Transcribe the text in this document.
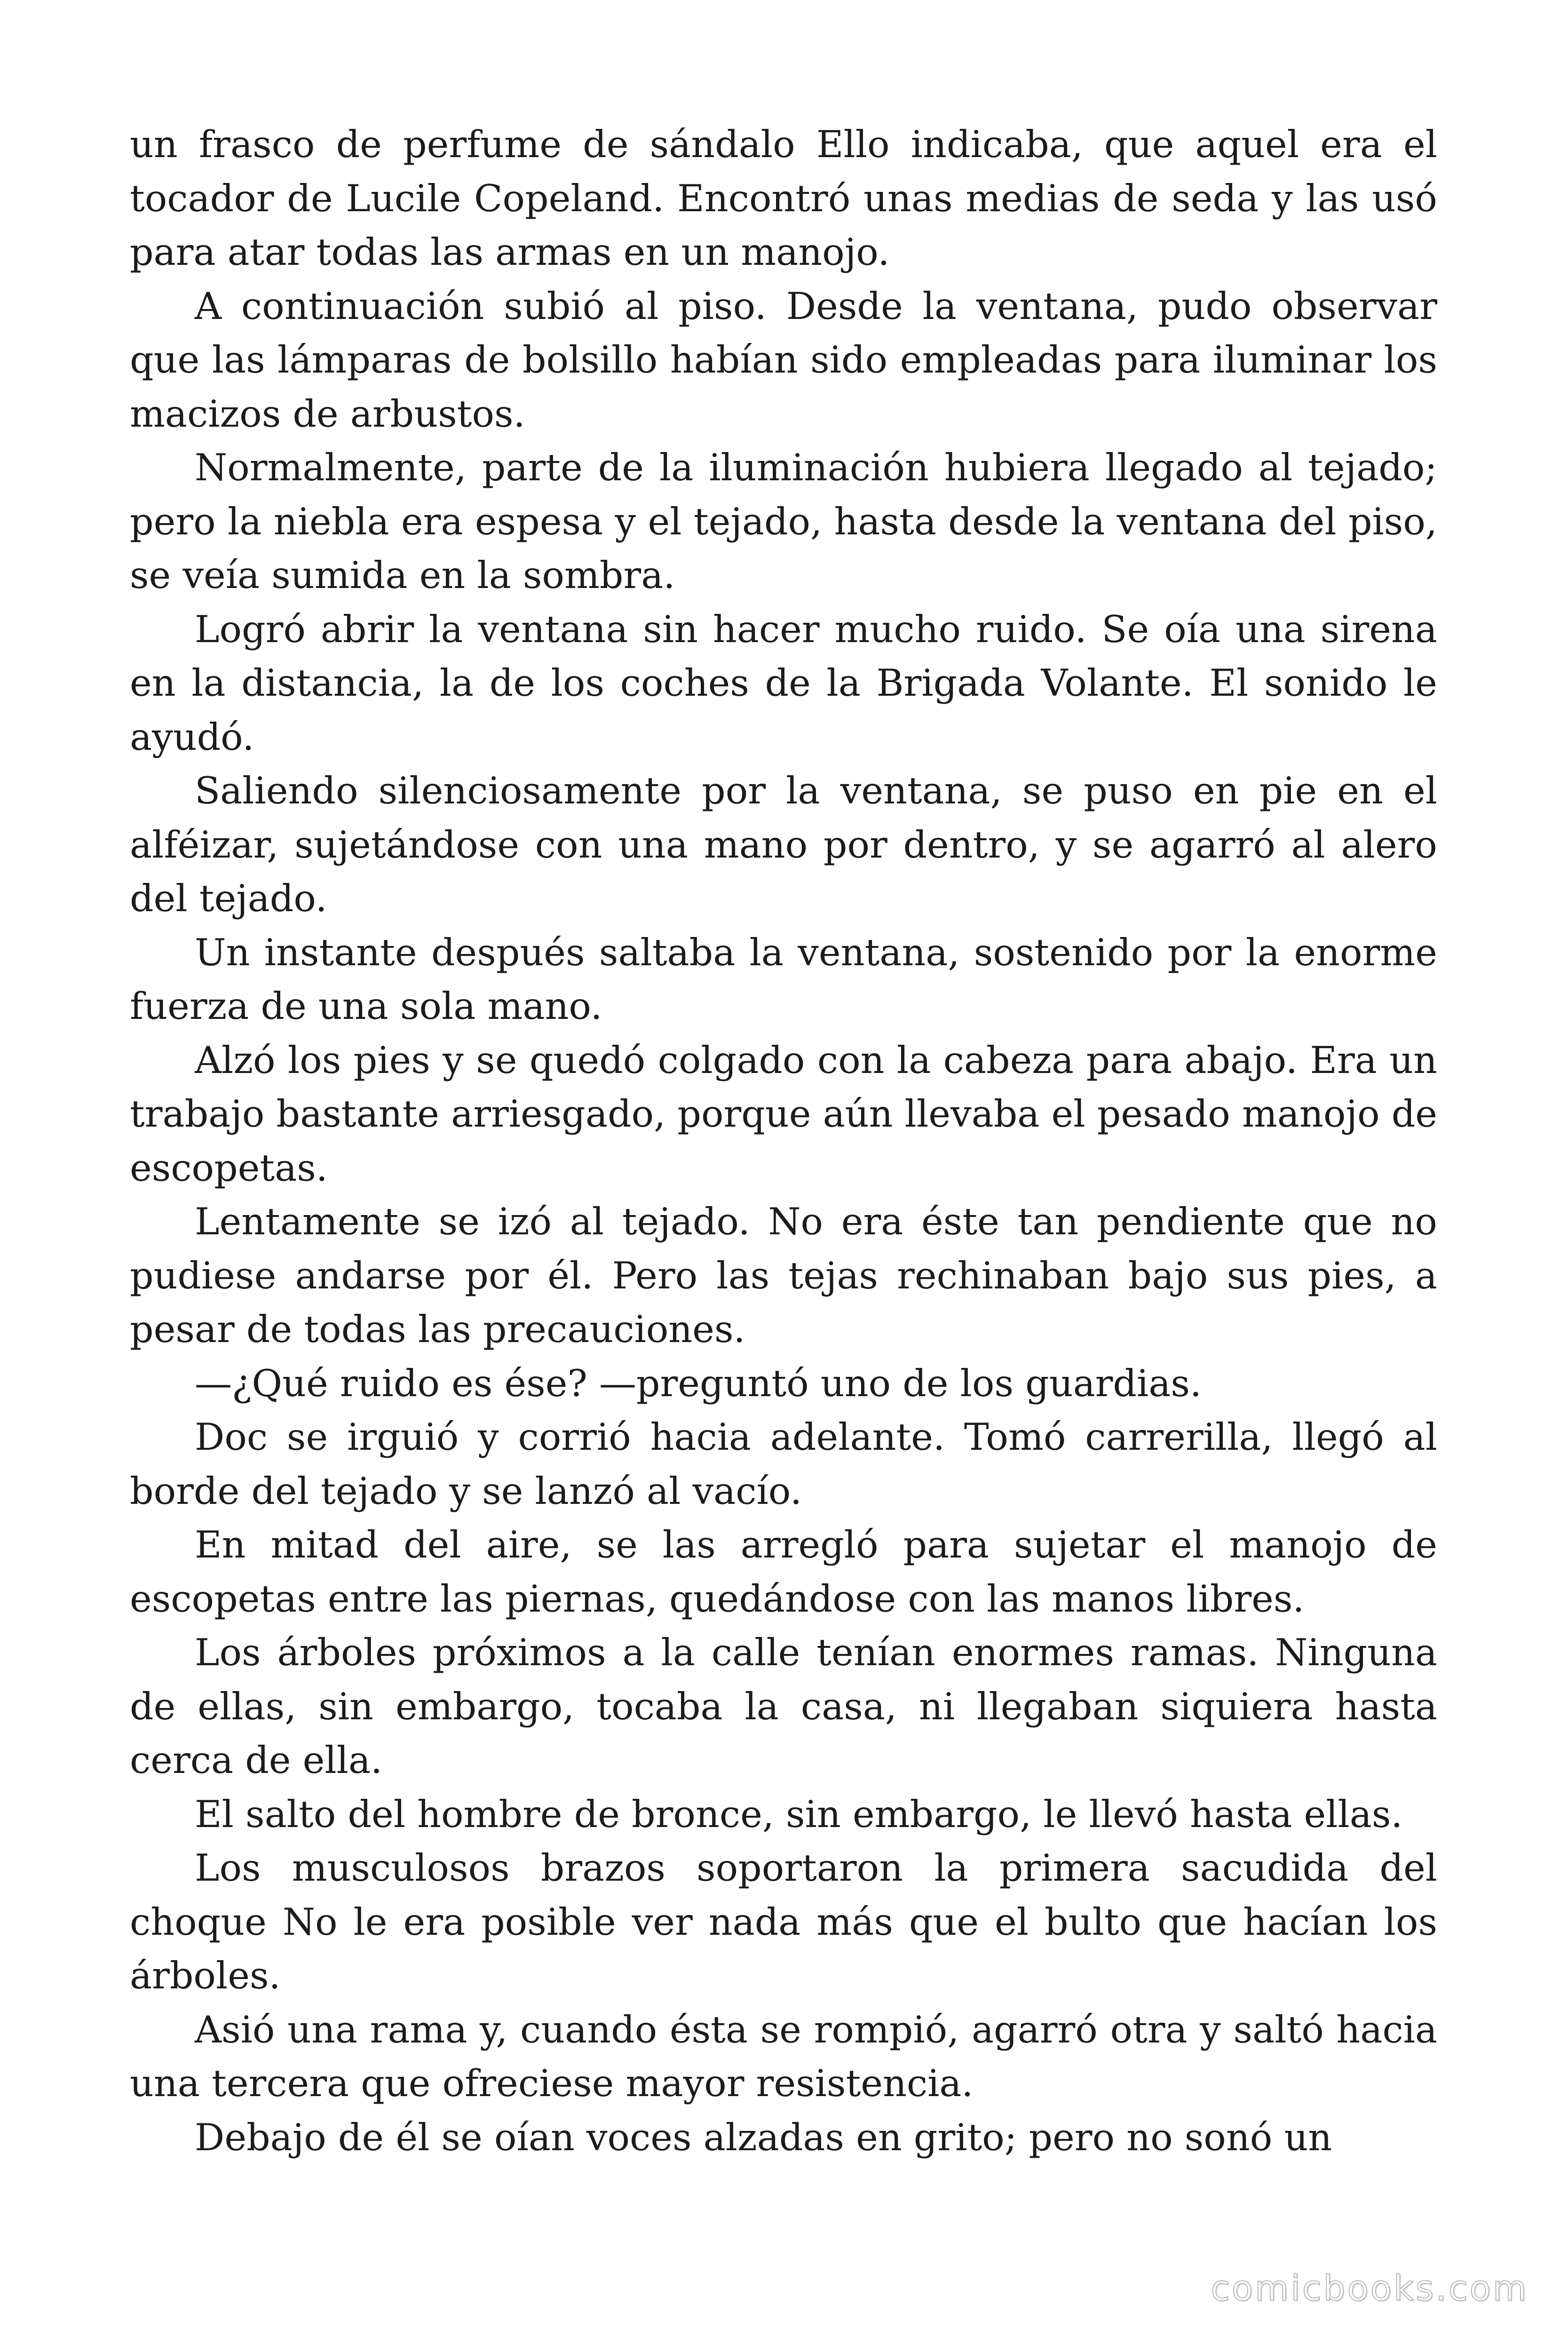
un frasco de perfume de sándalo Ello indicaba, que aquel era el tocador de Lucile Copeland. Encontró unas medias de seda y las usó para atar todas las armas en un manojo.

A continuación subió al piso. Desde la ventana, pudo observar que las lámparas de bolsillo habían sido empleadas para iluminar los macizos de arbustos.

Normalmente, parte de la iluminación hubiera llegado al tejado; pero la niebla era espesa y el tejado, hasta desde la ventana del piso, se veía sumida en la sombra.

Logró abrir la ventana sin hacer mucho ruido. Se oía una sirena en la distancia, la de los coches de la Brigada Volante. El sonido le ayudó.

Saliendo silenciosamente por la ventana, se puso en pie en el alféizar, sujetándose con una mano por dentro, y se agarró al alero del tejado.

Un instante después saltaba la ventana, sostenido por la enorme fuerza de una sola mano.

Alzó los pies y se quedó colgado con la cabeza para abajo. Era un trabajo bastante arriesgado, porque aún llevaba el pesado manojo de escopetas.

Lentamente se izó al tejado. No era éste tan pendiente que no pudiese andarse por él. Pero las tejas rechinaban bajo sus pies, a pesar de todas las precauciones.

—¿Qué ruido es ése? —preguntó uno de los guardias.

Doc se irguió y corrió hacia adelante. Tomó carrerilla, llegó al borde del tejado y se lanzó al vacío.

En mitad del aire, se las arregló para sujetar el manojo de escopetas entre las piernas, quedándose con las manos libres.

Los árboles próximos a la calle tenían enormes ramas. Ninguna de ellas, sin embargo, tocaba la casa, ni llegaban siquiera hasta cerca de ella.

El salto del hombre de bronce, sin embargo, le llevó hasta ellas.

Los musculosos brazos soportaron la primera sacudida del choque No le era posible ver nada más que el bulto que hacían los árboles.

Asió una rama y, cuando ésta se rompió, agarró otra y saltó hacia una tercera que ofreciese mayor resistencia.

Debajo de él se oían voces alzadas en grito; pero no sonó un

comicbooks.com
